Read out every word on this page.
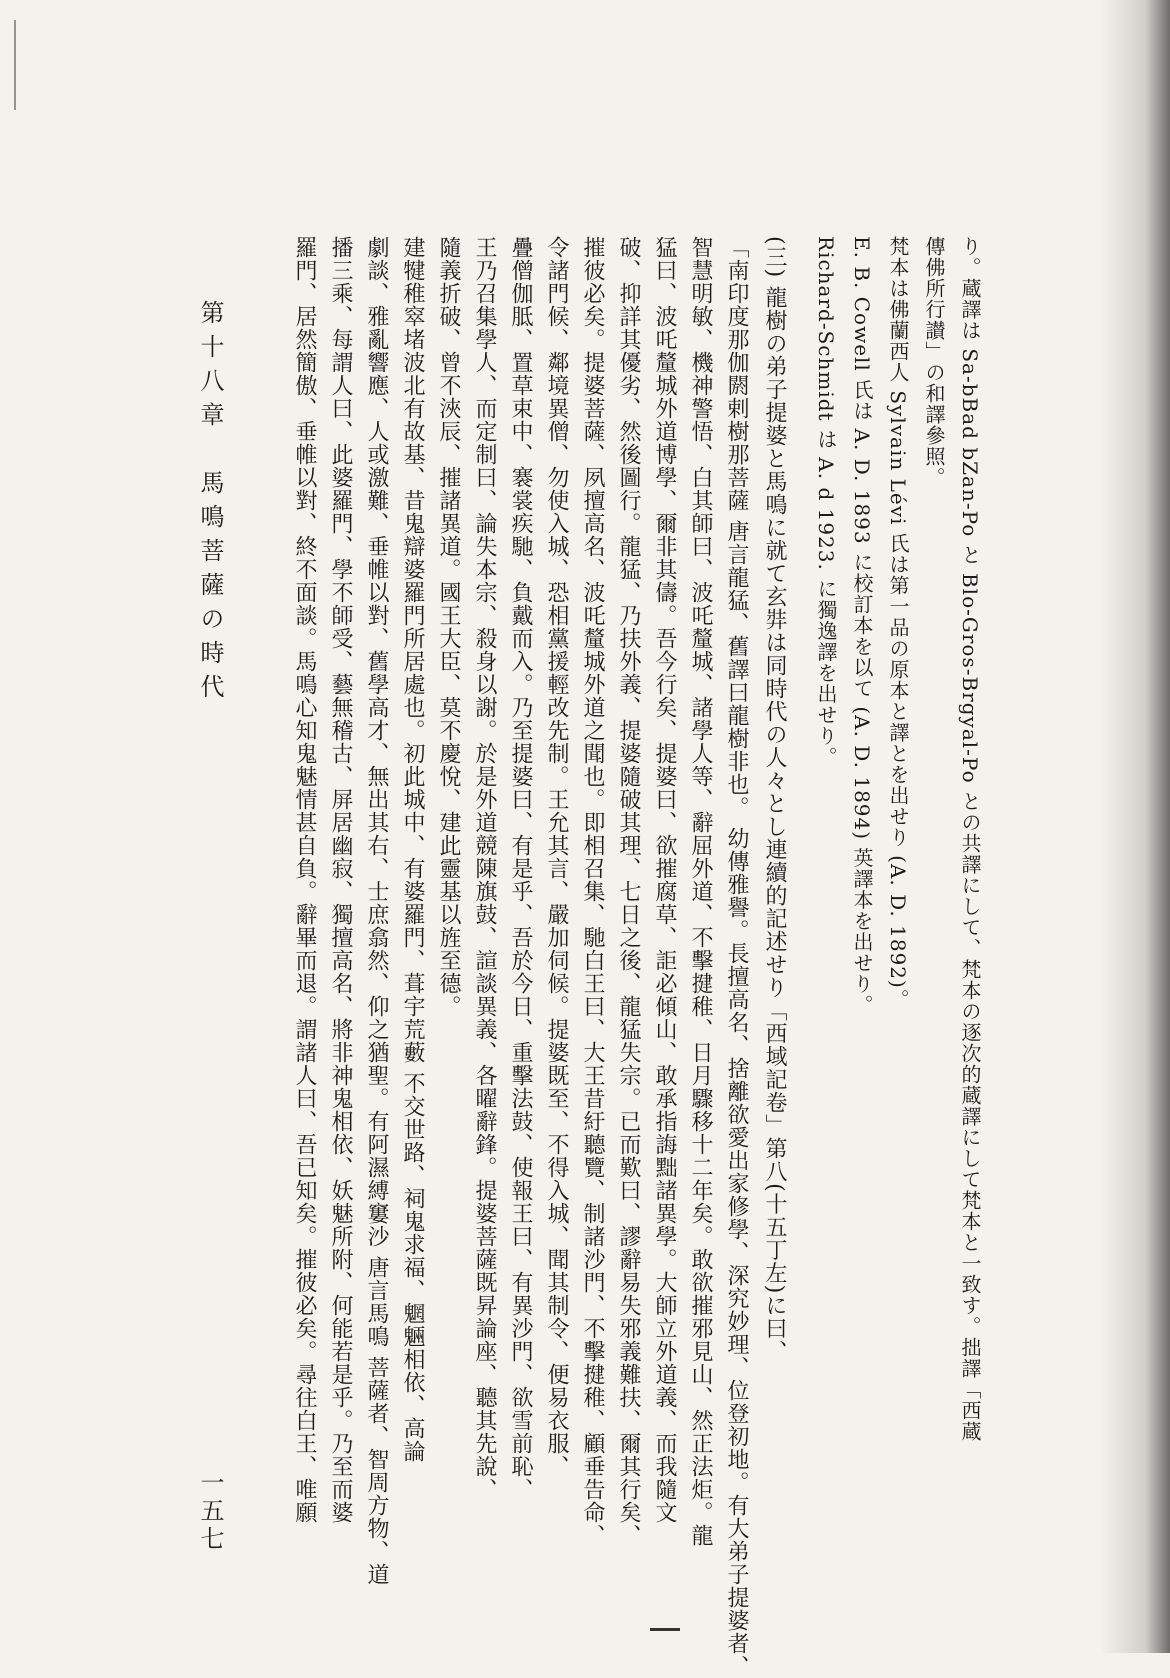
り。蔵譯は Sa-bBad bZan-Po と Blo-Gros-Brgyal-Po との共譯にして、梵本の逐次的蔵譯にして梵本と一致す。拙譯「西蔵
傳佛所行讃」の和譯參照。
梵本は佛蘭西人 Sylvain Lévi 氏は第一品の原本と譯とを出せり (A. D. 1892)。
E. B. Cowell 氏は A. D. 1893 に校訂本を以て (A. D. 1894) 英譯本を出せり。
Richard-Schmidt は A. d 1923. に獨逸譯を出せり。
(三) 龍樹の弟子提婆と馬鳴に就て玄弉は同時代の人々とし連續的記述せり「西域記卷」第八(十五丁左)に曰、
「南印度那伽閼剌樹那菩薩 唐言龍猛、舊譯曰龍樹非也。 幼傳雅譽。長擅高名、捨離欲愛出家修學、深究妙理、位登初地。有大弟子提婆者、
智慧明敏、機神警悟、白其師曰、波吒釐城、諸學人等、辭屈外道、不擊揵稚、日月驟移十二年矣。敢欲摧邪見山、然正法炬。龍
猛曰、波吒釐城外道博學、爾非其儔。吾今行矣、提婆曰、欲摧腐草、詎必傾山、敢承指誨黜諸異學。大師立外道義、而我隨文
破、抑詳其優劣、然後圖行。龍猛、乃扶外義、提婆隨破其理、七日之後、龍猛失宗。已而歎曰、謬辭易失邪義難扶、爾其行矣、
摧彼必矣。提婆菩薩、夙擅高名、波吒釐城外道之聞也。即相召集、馳白王曰、大王昔紆聽覽、制諸沙門、不擊揵稚、顧垂告命、
令諸門候、鄰境異僧、勿使入城、恐相黨援輕改先制。王允其言、嚴加伺候。提婆既至、不得入城、聞其制令、便易衣服、
疊僧伽胝、置草束中、褰裳疾馳、負戴而入。乃至提婆曰、有是乎、吾於今日、重擊法鼓、使報王曰、有異沙門、欲雪前恥、
王乃召集學人、而定制曰、論失本宗、殺身以謝。於是外道競陳旗鼓、諠談異義、各曜辭鋒。提婆菩薩既昇論座、聽其先說、
隨義折破、曾不浹辰、摧諸異道。國王大臣、莫不慶悅、建此靈基以旌至德。
建犍稚窣堵波北有故基、昔鬼辯婆羅門所居處也。初此城中、有婆羅門、葺宇荒藪 不交世路、祠鬼求福、魍魎相依、高論
劇談、雅亂響應、人或激難、垂帷以對、舊學高才、無出其右、士庶翕然、仰之猶聖。有阿濕縛窶沙 唐言馬鳴 菩薩者、智周方物、道
播三乘、每謂人曰、此婆羅門、學不師受、藝無稽古、屏居幽寂、獨擅高名、將非神鬼相依、妖魅所附、何能若是乎。乃至而婆
羅門、居然簡傲、垂帷以對、終不面談。馬鳴心知鬼魅情甚自負。辭畢而退。謂諸人曰、吾已知矣。摧彼必矣。尋往白王、唯願
第十八章　馬鳴菩薩の時代
一五七
